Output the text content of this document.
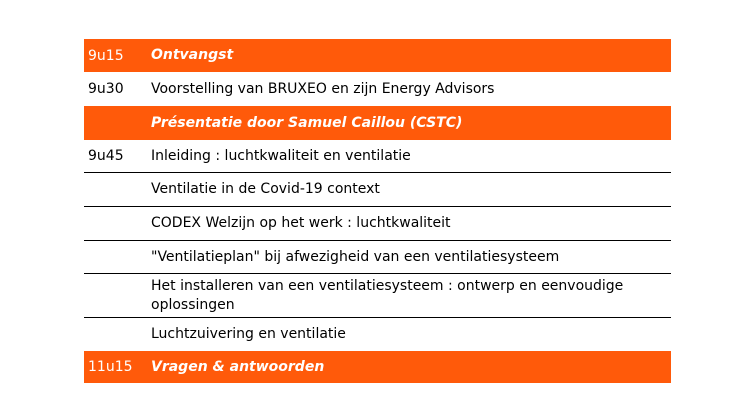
9u15 Ontvangst
9u30 Voorstelling van BRUXEO en zijn Energy Advisors
Présentatie door Samuel Caillou (CSTC)
9u45 Inleiding : luchtkwaliteit en ventilatie
Ventilatie in de Covid-19 context
CODEX Welzijn op het werk : luchtkwaliteit
"Ventilatieplan" bij afwezigheid van een ventilatiesysteem
Het installeren van een ventilatiesysteem : ontwerp en eenvoudige oplossingen
Luchtzuivering en ventilatie
11u15 Vragen & antwoorden
